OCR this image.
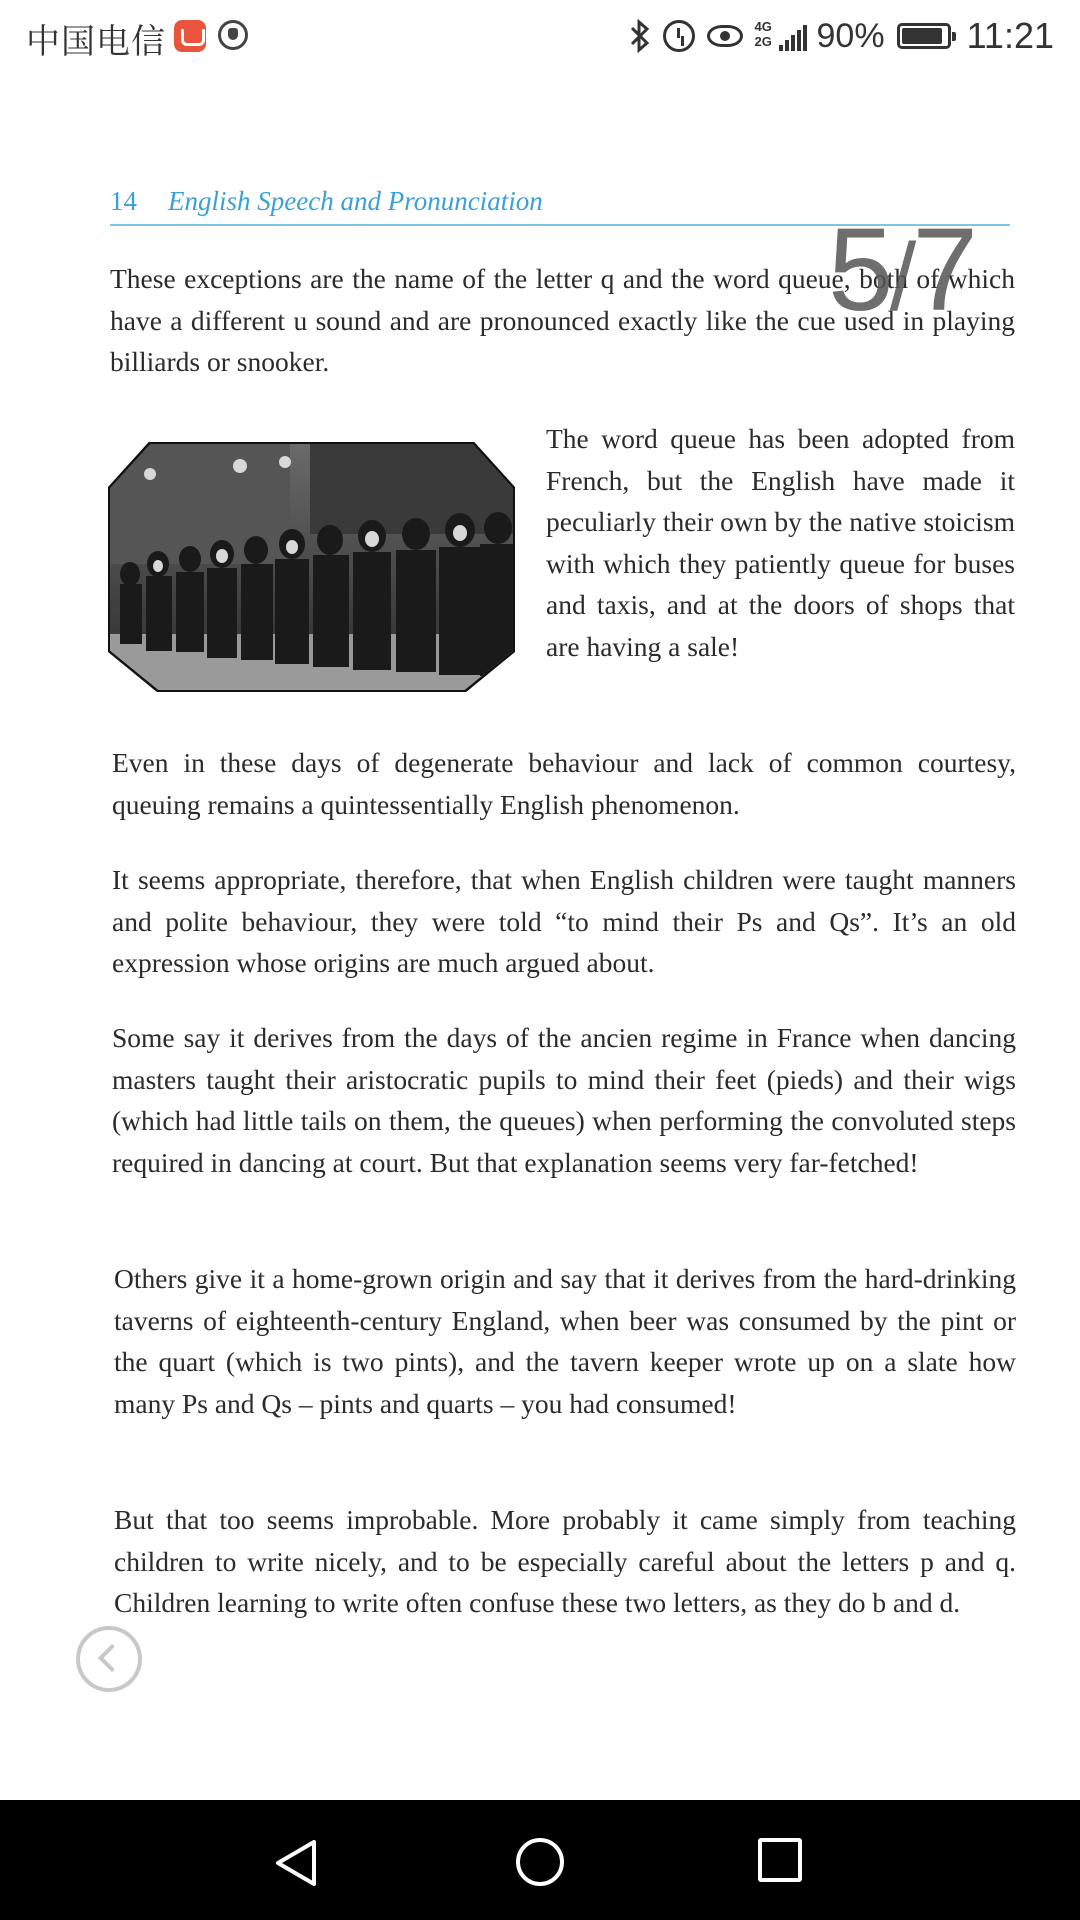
中国电信	4G 2G 90% 11:21
14 English Speech and Pronunciation

These exceptions are the name of the letter q and the word queue, both of which have a different u sound and are pronounced exactly like the cue used in playing billiards or snooker.

The word queue has been adopted from French, but the English have made it peculiarly their own by the native stoicism with which they patiently queue for buses and taxis, and at the doors of shops that are having a sale!

Even in these days of degenerate behaviour and lack of common courtesy, queuing remains a quintessentially English phenomenon.

It seems appropriate, therefore, that when English children were taught manners and polite behaviour, they were told “to mind their Ps and Qs”. It’s an old expression whose origins are much argued about.

Some say it derives from the days of the ancien regime in France when dancing masters taught their aristocratic pupils to mind their feet (pieds) and their wigs (which had little tails on them, the queues) when performing the convoluted steps required in dancing at court. But that explanation seems very far-fetched!

Others give it a home-grown origin and say that it derives from the hard-drinking taverns of eighteenth-century England, when beer was consumed by the pint or the quart (which is two pints), and the tavern keeper wrote up on a slate how many Ps and Qs – pints and quarts – you had consumed!

But that too seems improbable. More probably it came simply from teaching children to write nicely, and to be especially careful about the letters p and q. Children learning to write often confuse these two letters, as they do b and d.

5/7
